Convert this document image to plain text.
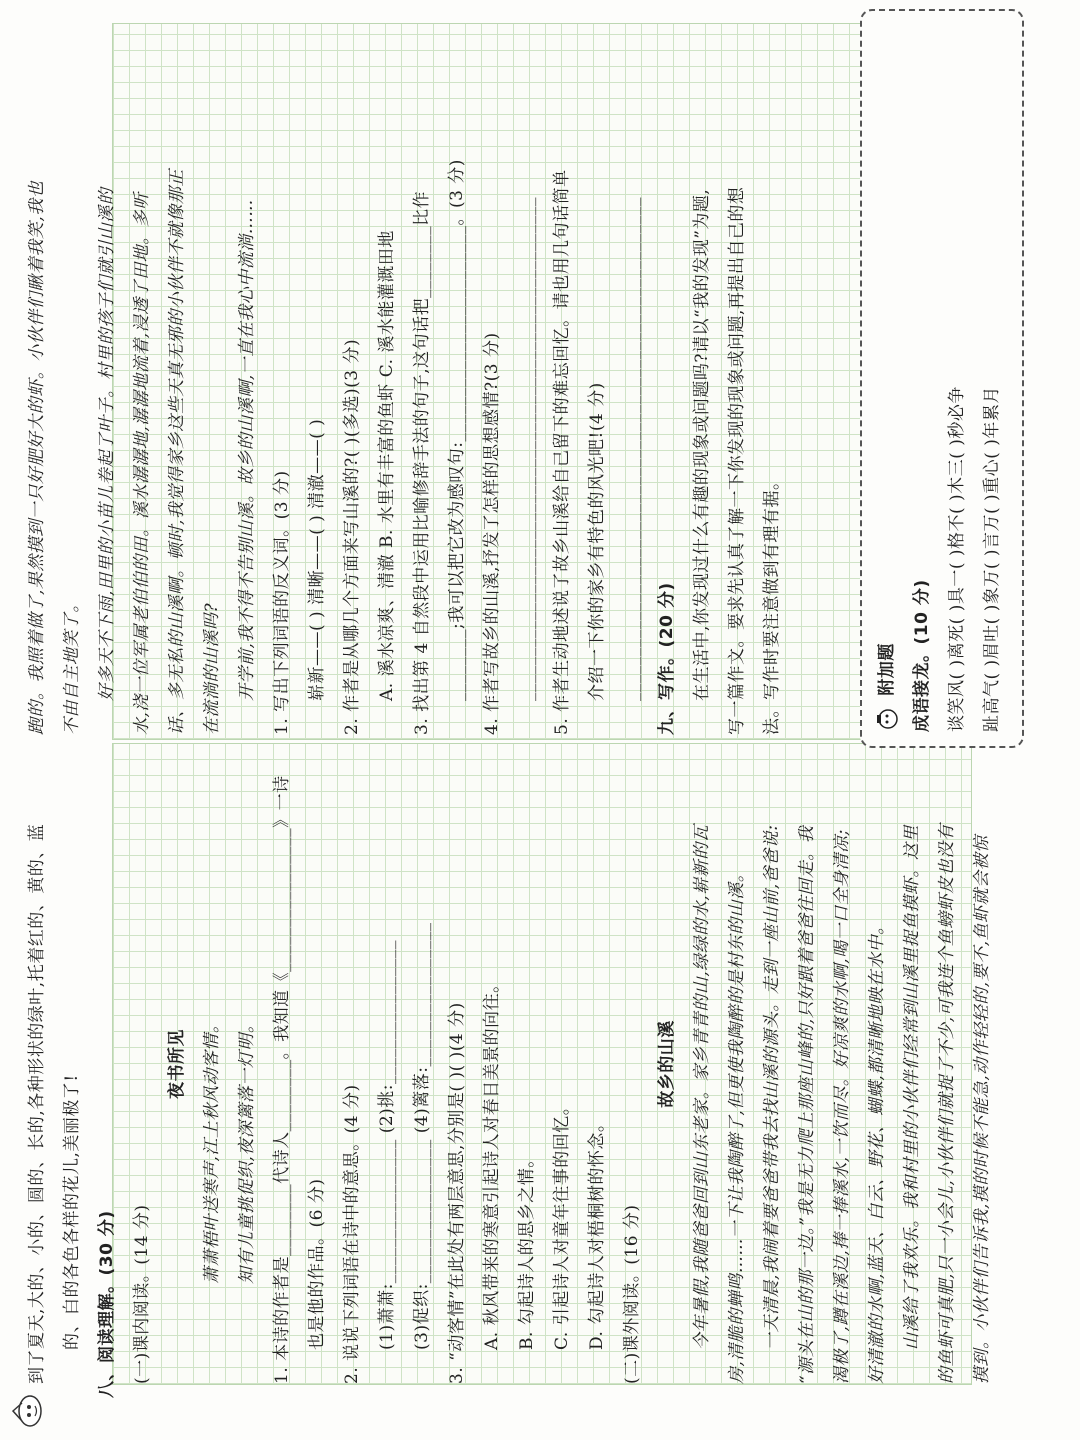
到了夏天,大的、小的、圆的、长的,各种形状的绿叶,托着红的、黄的、蓝 的、白的各色各样的花儿,美丽极了! 八、阅读理解。(30 分) (一)课内阅读。(14 分)
夜书所见 萧萧梧叶送寒声,江上秋风动客情。 知有儿童挑促织,夜深篱落一灯明。 1. 本诗的作者是________代诗人________。我知道《________________》一诗 也是他的作品。(6 分) 2. 说说下列词语在诗中的意思。(4 分) (1)萧萧:________________ (2)挑:________________ (3)促织:________________ (4)篱落:________________ 3. “动客情”在此处有两层意思,分别是( )( )(4 分) A. 秋风带来的寒意引起诗人对春日美景的向往。 B. 勾起诗人的思乡之情。 C. 引起诗人对童年往事的回忆。 D. 勾起诗人对梧桐树的怀念。 (二)课外阅读。(16 分)
故乡的山溪 今年暑假,我随爸爸回到山东老家。家乡青青的山,绿绿的水,崭新的瓦 房,清脆的蝉鸣……一下让我陶醉了,但更使我陶醉的是村东的山溪。 一天清晨,我闹着要爸爸带我去找山溪的源头。走到一座山前,爸爸说: “源头在山的那一边。”我是无力爬上那座山峰的,只好跟着爸爸往回走。我 渴极了,蹲在溪边,捧一捧溪水,一饮而尽。好凉爽的水啊,喝一口全身清凉; 好清澈的水啊,蓝天、白云、野花、蝴蝶,都清晰地映在水中。 山溪给了我欢乐。我和村里的小伙伴们经常到山溪里捉鱼摸虾。这里 的鱼虾可真肥,只一小会儿,小伙伴们就捉了不少,可我连个鱼螃虾皮也没有 摸到。小伙伴们告诉我,摸的时候不能急,动作轻轻的,要不,鱼虾就会被惊
跑的。我照着做了,果然摸到一只好肥好大的虾。小伙伴们瞅着我笑,我也 不由自主地笑了。 好多天不下雨,田里的小苗儿卷起了叶子。村里的孩子们就引山溪的 水,浇一位军属老伯伯的田。溪水潺潺地,潺潺地流着,浸透了田地。多听 话、多无私的山溪啊。顿时,我觉得家乡这些天真无邪的小伙伴不就像那正 在流淌的山溪吗? 开学前,我不得不告别山溪。故乡的山溪啊,一直在我心中流淌…… 1. 写出下列词语的反义词。(3 分) 崭新——( ) 清晰——( ) 清澈——( ) 2. 作者是从哪几个方面来写山溪的?( )(多选)(3 分) A. 溪水凉爽、清澈 B. 水里有丰富的鱼虾 C. 溪水能灌溉田地 3. 找出第 4 自然段中运用比喻修辞手法的句子,这句话把________比作 ________;我可以把它改为感叹句:________________________。(3 分) 4. 作者写故乡的山溪,抒发了怎样的思想感情?(3 分) ________________________________________________________ 5. 作者生动地述说了故乡山溪给自己留下的难忘回忆。请也用几句话简单 介绍一下你的家乡有特色的风光吧!(4 分) ________________________________________________________ 九、写作。(20 分) 在生活中,你发现过什么有趣的现象或问题吗?请以“我的发现”为题, 写一篇作文。要求先认真了解一下你发现的现象或问题,再提出自己的想 法。写作时要注意做到有理有据。	附加题 成语接龙。(10 分) 谈笑风( )离死( )具一( )格不( )木三( )秒必争 趾高气( )眉吐( )象万( )言万( )重心( )年累月
